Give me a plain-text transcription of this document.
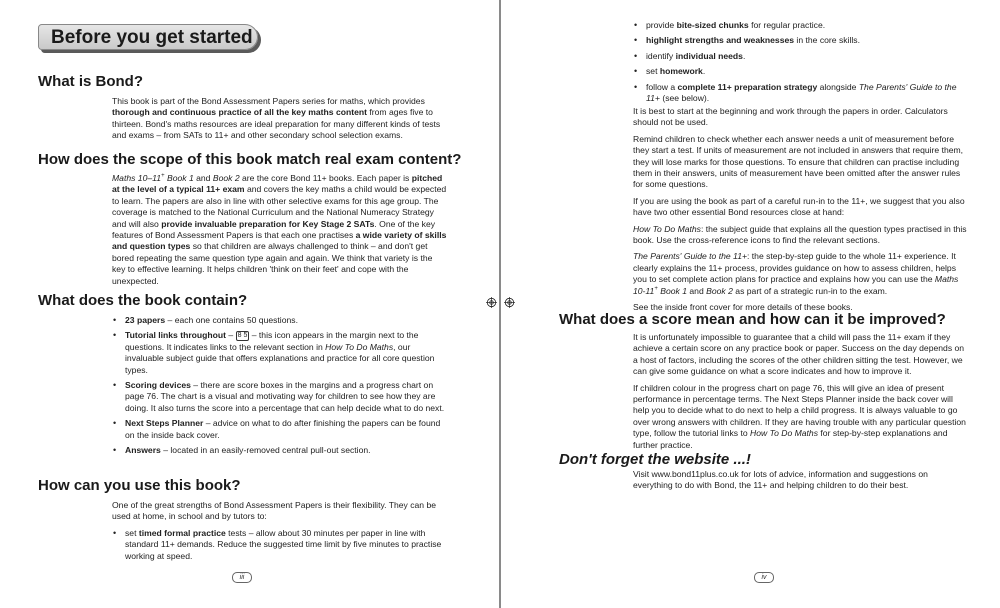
Before you get started
What is Bond?

This book is part of the Bond Assessment Papers series for maths, which provides thorough and continuous practice of all the key maths content from ages five to thirteen. Bond's maths resources are ideal preparation for many different kinds of tests and exams – from SATs to 11+ and other secondary school selection exams.

How does the scope of this book match real exam content?

Maths 10–11+ Book 1 and Book 2 are the core Bond 11+ books. Each paper is pitched at the level of a typical 11+ exam and covers the key maths a child would be expected to learn. The papers are also in line with other selective exams for this age group. The coverage is matched to the National Curriculum and the National Numeracy Strategy and will also provide invaluable preparation for Key Stage 2 SATs. One of the key features of Bond Assessment Papers is that each one practises a wide variety of skills and question types so that children are always challenged to think – and don't get bored repeating the same question type again and again. We think that variety is the key to effective learning. It helps children 'think on their feet' and cope with the unexpected.

What does the book contain?
• 23 papers – each one contains 50 questions.
• Tutorial links throughout – 8 5 – this icon appears in the margin next to the questions. It indicates links to the relevant section in How To Do Maths, our invaluable subject guide that offers explanations and practice for all core question types.
• Scoring devices – there are score boxes in the margins and a progress chart on page 76. The chart is a visual and motivating way for children to see how they are doing. It also turns the score into a percentage that can help decide what to do next.
• Next Steps Planner – advice on what to do after finishing the papers can be found on the inside back cover.
• Answers – located in an easily-removed central pull-out section.
How can you use this book?

One of the great strengths of Bond Assessment Papers is their flexibility. They can be used at home, in school and by tutors to:

• set timed formal practice tests – allow about 30 minutes per paper in line with standard 11+ demands. Reduce the suggested time limit by five minutes to practise working at speed.
iii
• provide bite-sized chunks for regular practice.
• highlight strengths and weaknesses in the core skills.
• identify individual needs.
• set homework.
• follow a complete 11+ preparation strategy alongside The Parents' Guide to the 11+ (see below).

It is best to start at the beginning and work through the papers in order. Calculators should not be used.

Remind children to check whether each answer needs a unit of measurement before they start a test. If units of measurement are not included in answers that require them, they will lose marks for those questions. To ensure that children can practise including them in their answers, units of measurement have been omitted after the answer rules for some questions.

If you are using the book as part of a careful run-in to the 11+, we suggest that you also have two other essential Bond resources close at hand:

How To Do Maths: the subject guide that explains all the question types practised in this book. Use the cross-reference icons to find the relevant sections.

The Parents' Guide to the 11+: the step-by-step guide to the whole 11+ experience. It clearly explains the 11+ process, provides guidance on how to assess children, helps you to set complete action plans for practice and explains how you can use the Maths 10-11+ Book 1 and Book 2 as part of a strategic run-in to the exam.

See the inside front cover for more details of these books.

What does a score mean and how can it be improved?

It is unfortunately impossible to guarantee that a child will pass the 11+ exam if they achieve a certain score on any practice book or paper. Success on the day depends on a host of factors, including the scores of the other children sitting the test. However, we can give some guidance on what a score indicates and how to improve it.

If children colour in the progress chart on page 76, this will give an idea of present performance in percentage terms. The Next Steps Planner inside the back cover will help you to decide what to do next to help a child progress. It is always valuable to go over wrong answers with children. If they are having trouble with any particular question type, follow the tutorial links to How To Do Maths for step-by-step explanations and further practice.

Don't forget the website ...!

Visit www.bond11plus.co.uk for lots of advice, information and suggestions on everything to do with Bond, the 11+ and helping children to do their best.

iv
